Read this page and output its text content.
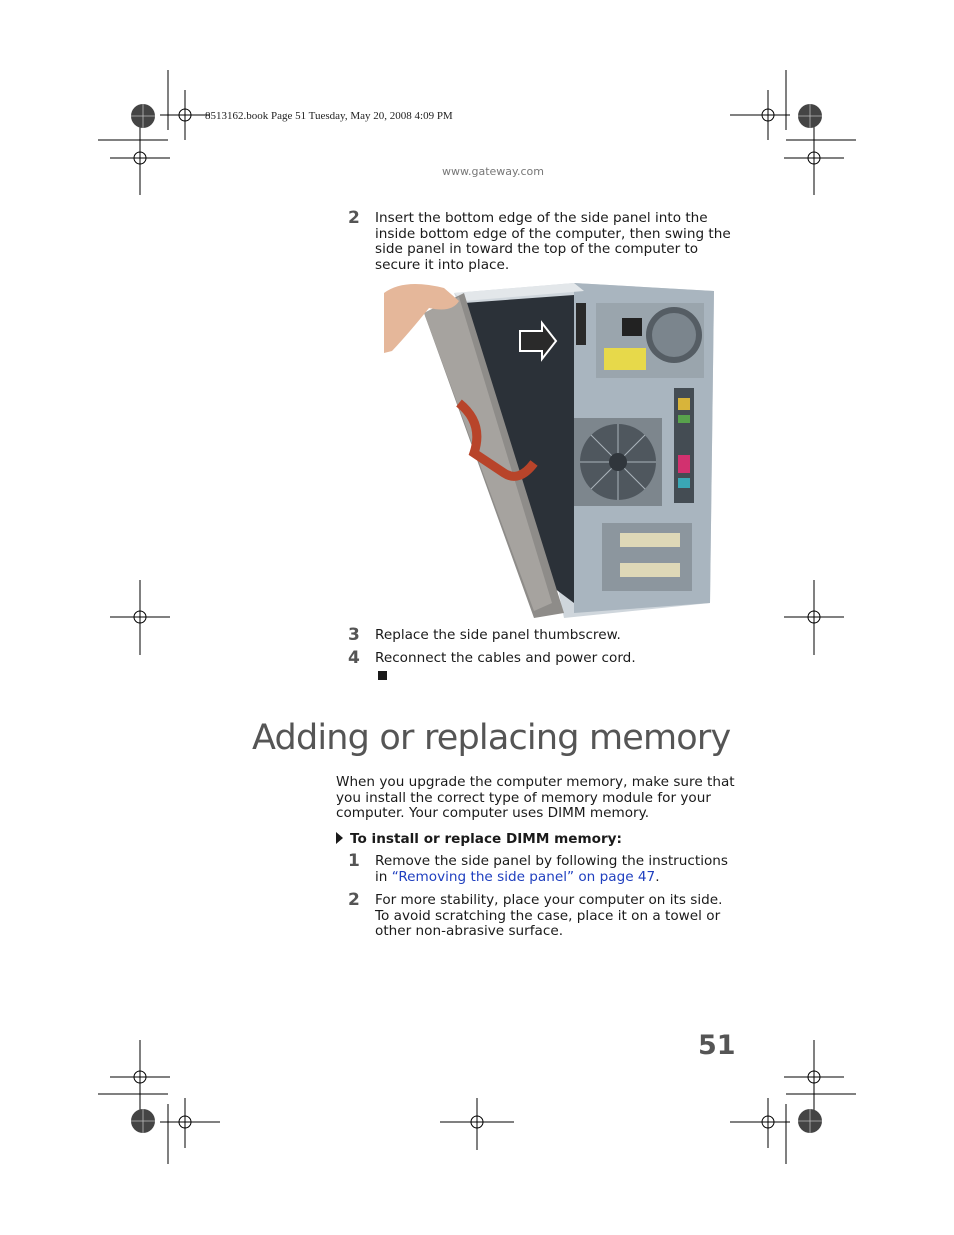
8513162.book Page 51 Tuesday, May 20, 2008 4:09 PM
www.gateway.com
2 Insert the bottom edge of the side panel into the inside bottom edge of the computer, then swing the side panel in toward the top of the computer to secure it into place.
3 Replace the side panel thumbscrew.
4 Reconnect the cables and power cord.
Adding or replacing memory
When you upgrade the computer memory, make sure that you install the correct type of memory module for your computer. Your computer uses DIMM memory.
To install or replace DIMM memory:
1 Remove the side panel by following the instructions in “Removing the side panel” on page 47.
2 For more stability, place your computer on its side. To avoid scratching the case, place it on a towel or other non-abrasive surface.
51
